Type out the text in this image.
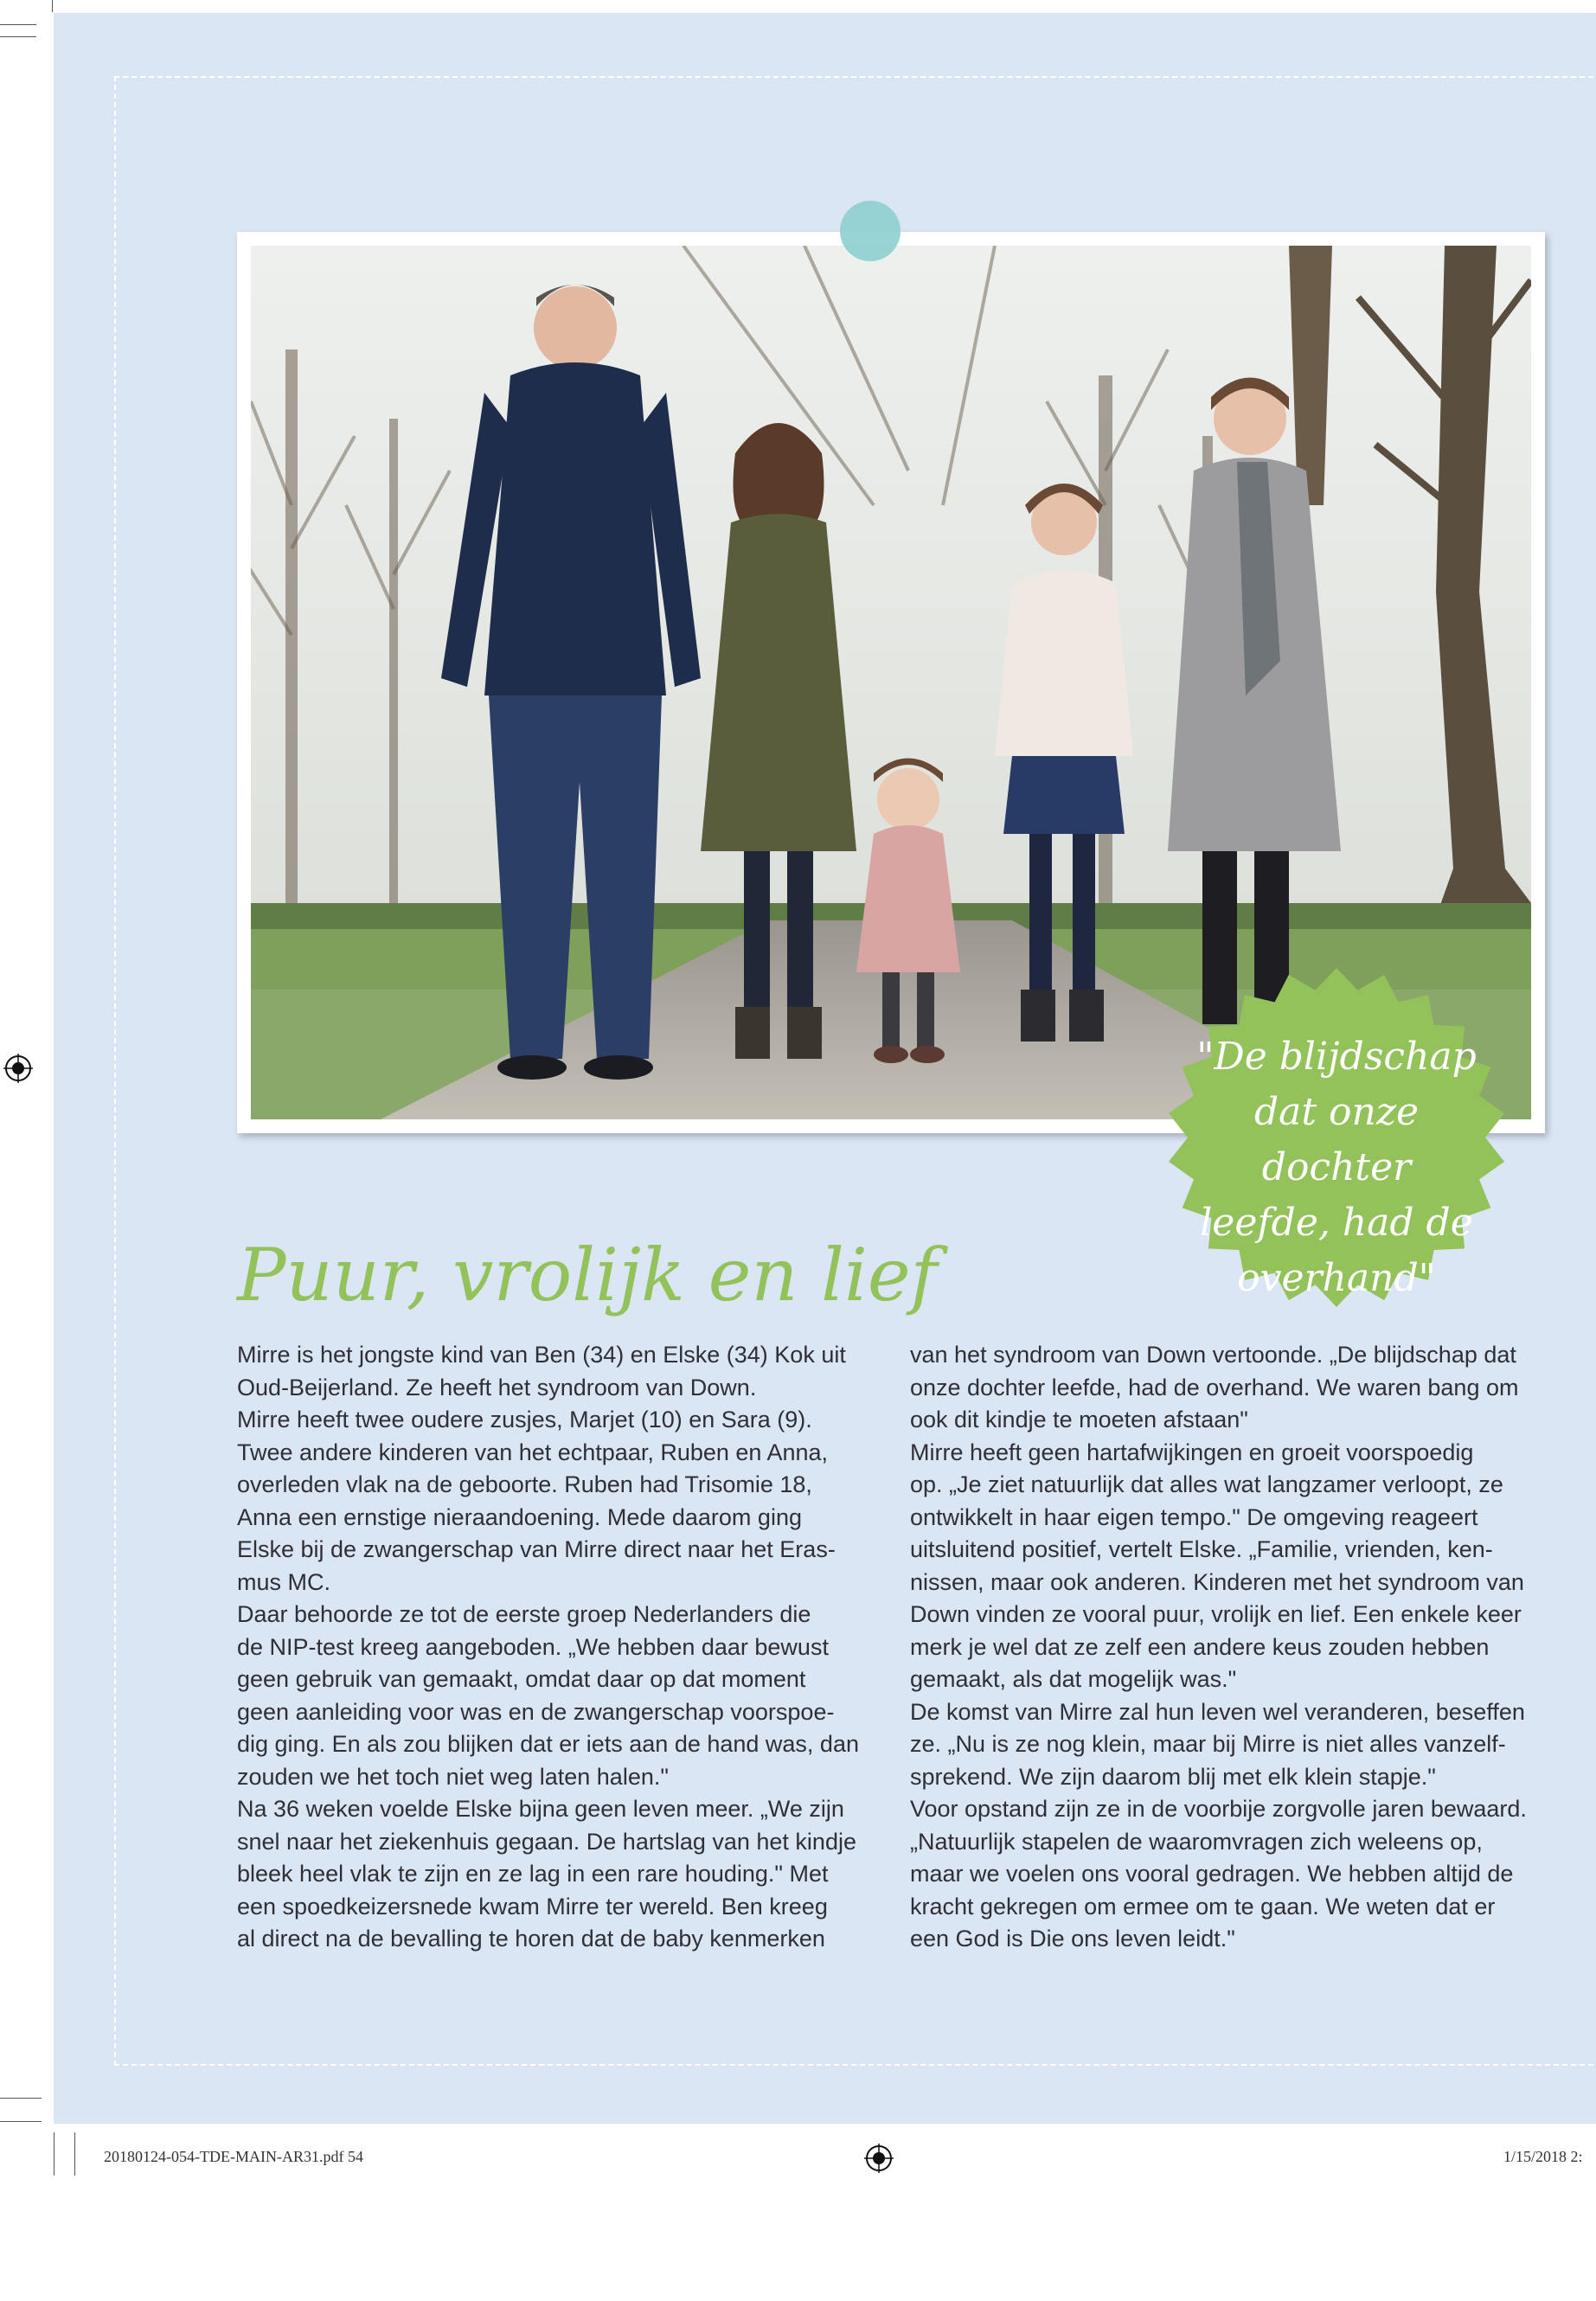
"De blijdschap
dat onze dochter
leefde, had de
overhand"
Puur, vrolijk en lief

Mirre is het jongste kind van Ben (34) en Elske (34) Kok uit

Oud-Beijerland. Ze heeft het syndroom van Down.

Mirre heeft twee oudere zusjes, Marjet (10) en Sara (9).

Twee andere kinderen van het echtpaar, Ruben en Anna,

overleden vlak na de geboorte. Ruben had Trisomie 18,

Anna een ernstige nieraandoening. Mede daarom ging

Elske bij de zwangerschap van Mirre direct naar het Eras-

mus MC.

Daar behoorde ze tot de eerste groep Nederlanders die

de NIP-test kreeg aangeboden. „We hebben daar bewust

geen gebruik van gemaakt, omdat daar op dat moment

geen aanleiding voor was en de zwangerschap voorspoe-

dig ging. En als zou blijken dat er iets aan de hand was, dan

zouden we het toch niet weg laten halen."

Na 36 weken voelde Elske bijna geen leven meer. „We zijn

snel naar het ziekenhuis gegaan. De hartslag van het kindje

bleek heel vlak te zijn en ze lag in een rare houding." Met

een spoedkeizersnede kwam Mirre ter wereld. Ben kreeg

al direct na de bevalling te horen dat de baby kenmerken

van het syndroom van Down vertoonde. „De blijdschap dat

onze dochter leefde, had de overhand. We waren bang om

ook dit kindje te moeten afstaan"

Mirre heeft geen hartafwijkingen en groeit voorspoedig

op. „Je ziet natuurlijk dat alles wat langzamer verloopt, ze

ontwikkelt in haar eigen tempo." De omgeving reageert

uitsluitend positief, vertelt Elske. „Familie, vrienden, ken-

nissen, maar ook anderen. Kinderen met het syndroom van

Down vinden ze vooral puur, vrolijk en lief. Een enkele keer

merk je wel dat ze zelf een andere keus zouden hebben

gemaakt, als dat mogelijk was."

De komst van Mirre zal hun leven wel veranderen, beseffen

ze. „Nu is ze nog klein, maar bij Mirre is niet alles vanzelf-

sprekend. We zijn daarom blij met elk klein stapje."

Voor opstand zijn ze in de voorbije zorgvolle jaren bewaard.

„Natuurlijk stapelen de waaromvragen zich weleens op,

maar we voelen ons vooral gedragen. We hebben altijd de

kracht gekregen om ermee om te gaan. We weten dat er

een God is Die ons leven leidt."

20180124-054-TDE-MAIN-AR31.pdf 54	1/15/2018 2:
